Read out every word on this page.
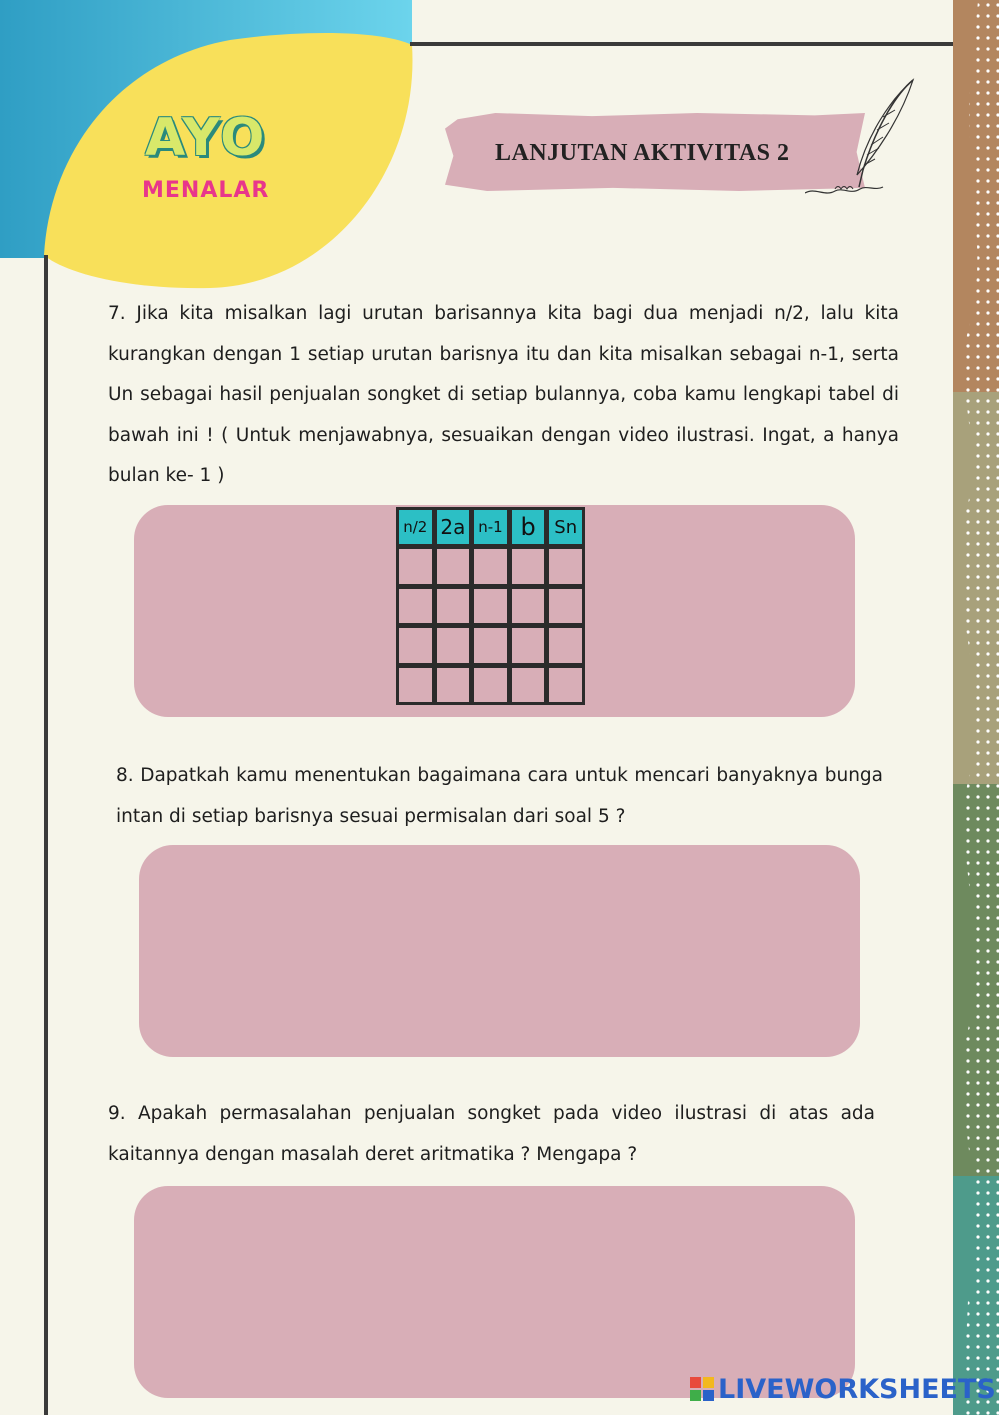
AYO
MENALAR
LANJUTAN AKTIVITAS 2
7. Jika kita misalkan lagi urutan barisannya kita bagi dua menjadi n/2, lalu kita kurangkan dengan 1 setiap urutan barisnya itu dan kita misalkan sebagai n-1, serta Un sebagai hasil penjualan songket di setiap bulannya, coba kamu lengkapi tabel di bawah ini ! ( Untuk menjawabnya, sesuaikan dengan video ilustrasi. Ingat, a hanya bulan ke- 1 )
n/2 2a n-1 b	Sn
8. Dapatkah kamu menentukan bagaimana cara untuk mencari banyaknya bunga intan di setiap barisnya sesuai permisalan dari soal 5 ?
9. Apakah permasalahan penjualan songket pada video ilustrasi di atas ada kaitannya dengan masalah deret aritmatika ? Mengapa ?
LIVEWORKSHEETS
